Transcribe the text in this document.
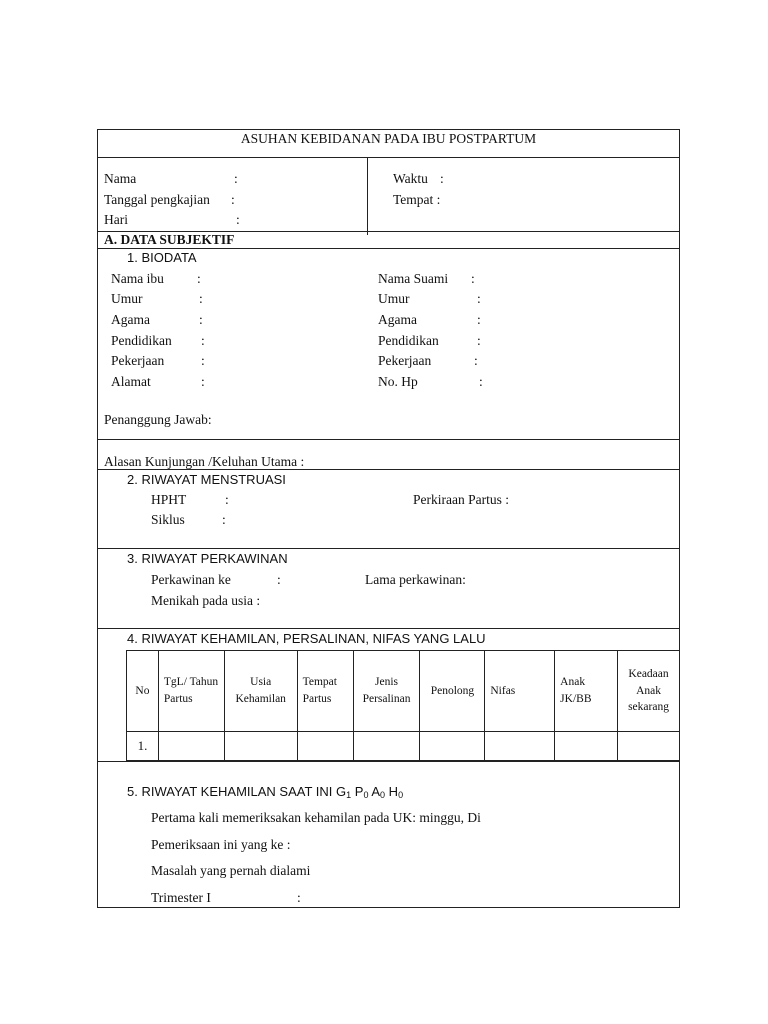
ASUHAN KEBIDANAN PADA IBU POSTPARTUM
Nama	:
Tanggal pengkajian :
Hari	:
Waktu :
Tempat :
A. DATA SUBJEKTIF
1. BIODATA
Nama ibu :
Umur	:
Agama	:
Pendidikan :
Pekerjaan	:
Alamat	:
Nama Suami :
Umur	:
Agama	:
Pendidikan	:
Pekerjaan	:
No. Hp	:
Penanggung Jawab:
Alasan Kunjungan /Keluhan Utama :
2. RIWAYAT MENSTRUASI
HPHT	:
Siklus	:
Perkiraan Partus :
3. RIWAYAT PERKAWINAN
Perkawinan ke	:	Lama perkawinan:
Menikah pada usia :
4. RIWAYAT KEHAMILAN, PERSALINAN, NIFAS YANG LALU
No	TgL/ Tahun Partus	Usia Kehamilan	Tempat Partus	Jenis Persalinan	Penolong	Nifas	Anak JK/BB	Keadaan Anak sekarang
1.								
5. RIWAYAT KEHAMILAN SAAT INI $G_1$ $P_0$ $A_0$ $H_0$
Pertama kali memeriksakan kehamilan pada UK: minggu, Di
Pemeriksaan ini yang ke :
Masalah yang pernah dialami
Trimester I	:
